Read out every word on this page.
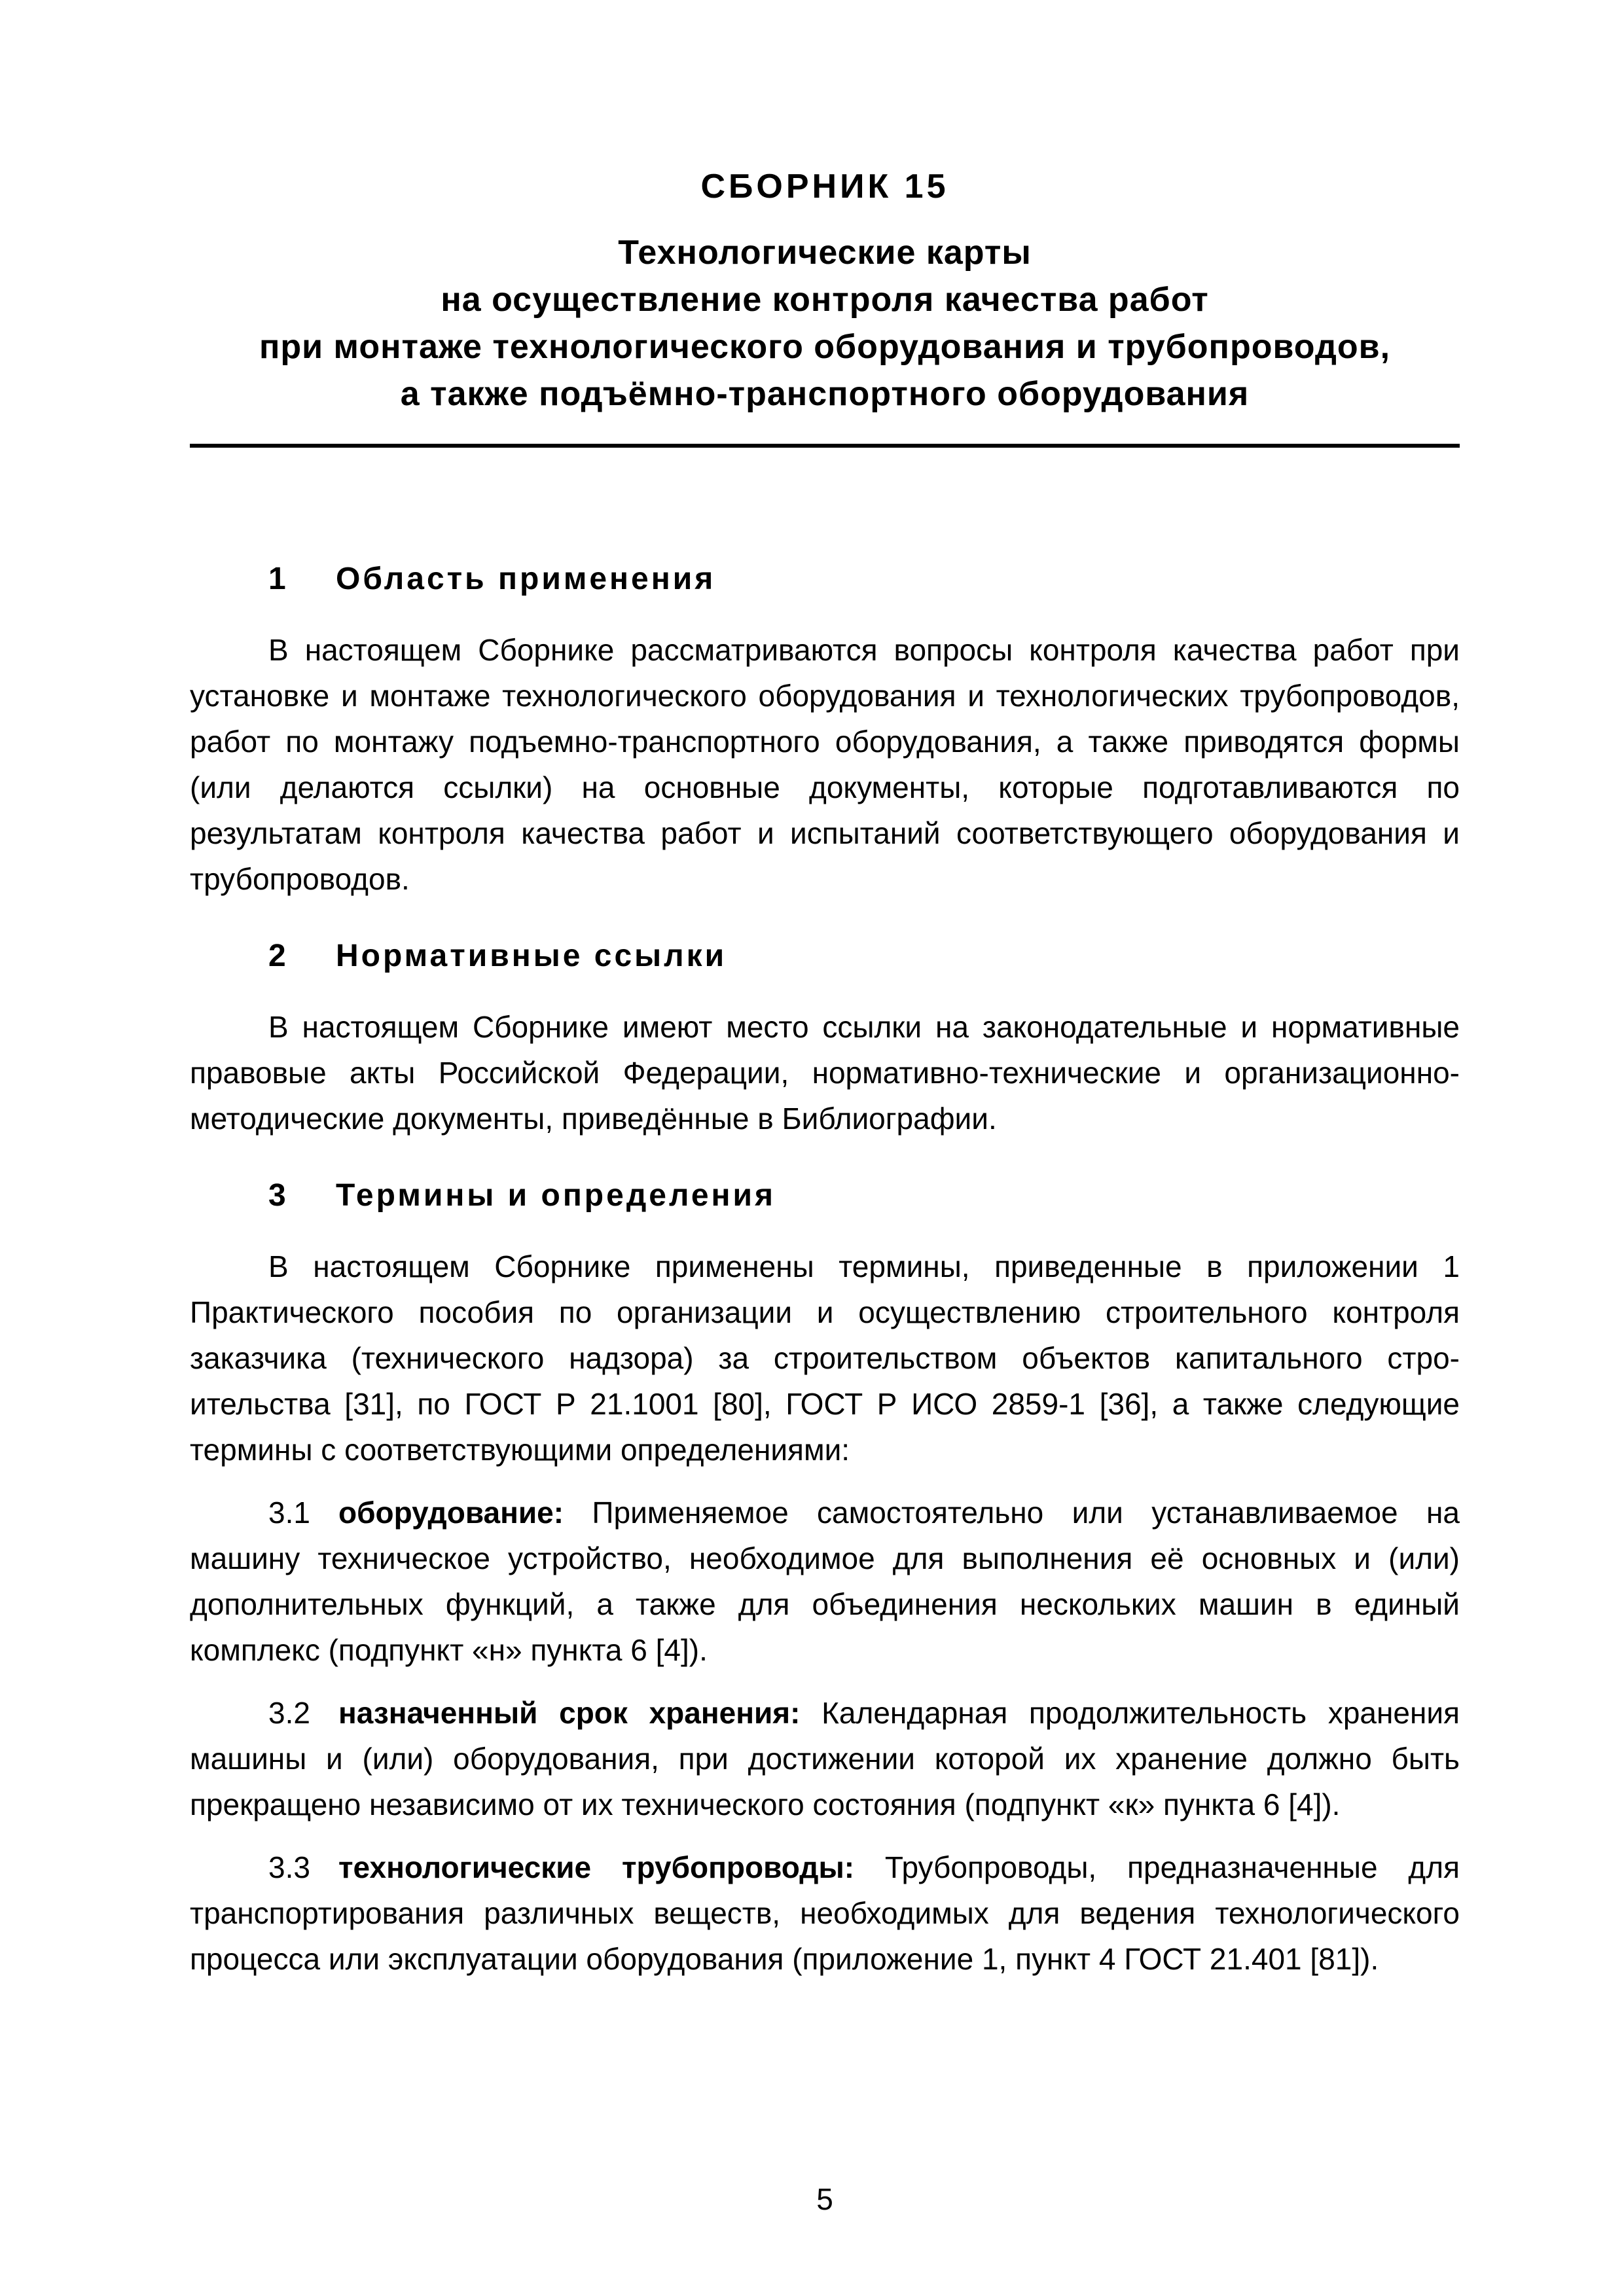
СБОРНИК 15
Технологические карты
на осуществление контроля качества работ
при монтаже технологического оборудования и трубопроводов,
а также подъёмно-транспортного оборудования
1 Область применения

В настоящем Сборнике рассматриваются вопросы контроля качества работ при установке и монтаже технологического оборудования и технологических трубопроводов, работ по монтажу подъемно-транспортного оборудования, а также приводятся формы (или делаются ссылки) на основные документы, которые подготавливаются по результатам контроля качества работ и испытаний соответствующего оборудования и трубопроводов.

2 Нормативные ссылки

В настоящем Сборнике имеют место ссылки на законодательные и нормативные правовые акты Российской Федерации, нормативно-технические и организационно-методические документы, приведённые в Библиографии.

3 Термины и определения

В настоящем Сборнике применены термины, приведенные в приложении 1 Практического пособия по организации и осуществлению строительного контроля заказчика (технического надзора) за строительством объектов капитального строительства [31], по ГОСТ Р 21.1001 [80], ГОСТ Р ИСО 2859-1 [36], а также следующие термины с соответствующими определениями:

3.1 оборудование: Применяемое самостоятельно или устанавливаемое на машину техническое устройство, необходимое для выполнения её основных и (или) дополнительных функций, а также для объединения нескольких машин в единый комплекс (подпункт «н» пункта 6 [4]).

3.2 назначенный срок хранения: Календарная продолжительность хранения машины и (или) оборудования, при достижении которой их хранение должно быть прекращено независимо от их технического состояния (подпункт «к» пункта 6 [4]).

3.3 технологические трубопроводы: Трубопроводы, предназначенные для транспортирования различных веществ, необходимых для ведения технологического процесса или эксплуатации оборудования (приложение 1, пункт 4 ГОСТ 21.401 [81]).

5
